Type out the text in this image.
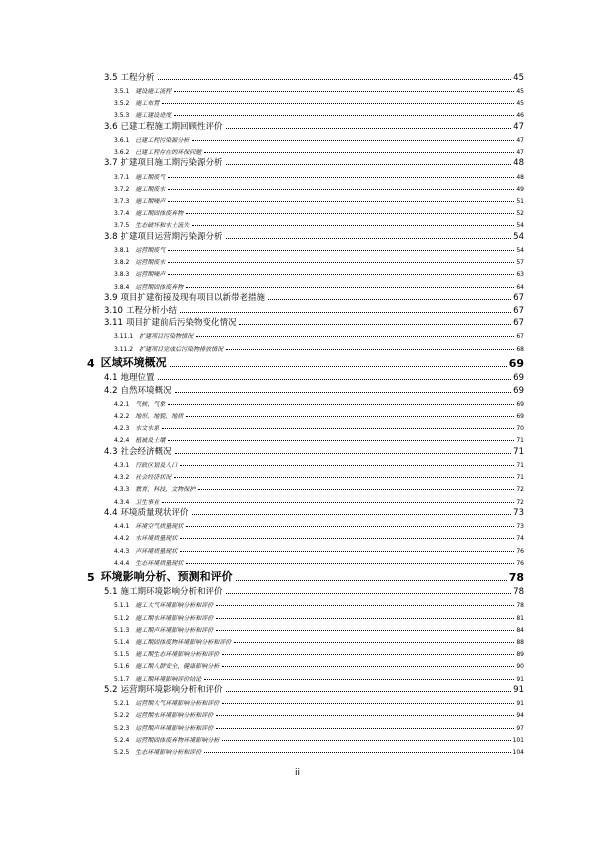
3.5 工程分析	45
3.5.1	建设施工流程	45
3.5.2	施工布置	45
3.5.3	施工建设进度	46
3.6 已建工程施工期回顾性评价	47
3.6.1	已建工程污染源分析	47
3.6.2	已建工程存在的环保问题	47
3.7 扩建项目施工期污染源分析	48
3.7.1	施工期废气	48
3.7.2	施工期废水	49
3.7.3	施工期噪声	51
3.7.4	施工期固体废弃物	52
3.7.5	生态破坏和水土流失	54
3.8 扩建项目运营期污染源分析	54
3.8.1	运营期废气	54
3.8.2	运营期废水	57
3.8.3	运营期噪声	63
3.8.4	运营期固体废弃物	64
3.9 项目扩建衔接及现有项目以新带老措施	67
3.10 工程分析小结	67
3.11 项目扩建前后污染物变化情况	67
3.11.1	扩建项目污染物情况	67
3.11.2	扩建项目完成后污染物排放情况	68
4 区域环境概况	69
4.1 地理位置	69
4.2 自然环境概况	69
4.2.1	气候，气象	69
4.2.2	地形，地貌，地质	69
4.2.3	水文水系	70
4.2.4	植被及土壤	71
4.3 社会经济概况	71
4.3.1	行政区划及人口	71
4.3.2	社会经济状况	71
4.3.3	教育，科技，文物保护	72
4.3.4	卫生事业	72
4.4 环境质量现状评价	73
4.4.1	环境空气质量现状	73
4.4.2	水环境质量现状	74
4.4.3	声环境质量现状	76
4.4.4	生态环境质量现状	76
5 环境影响分析、预测和评价	78
5.1 施工期环境影响分析和评价	78
5.1.1	施工大气环境影响分析和评价	78
5.1.2	施工期水环境影响分析和评价	81
5.1.3	施工期声环境影响分析和评价	84
5.1.4	施工期固体废物环境影响分析和评价	88
5.1.5	施工期生态环境影响分析和评价	89
5.1.6	施工期人群安全，健康影响分析	90
5.1.7	施工期环境影响评价结论	91
5.2 运营期环境影响分析和评价	91
5.2.1	运营期大气环境影响分析和评价	91
5.2.2	运营期水环境影响分析和评价	94
5.2.3	运营期声环境影响分析和评价	97
5.2.4	运营期固体废弃物环境影响分析	101
5.2.5	生态环境影响分析和评价	104
ii
